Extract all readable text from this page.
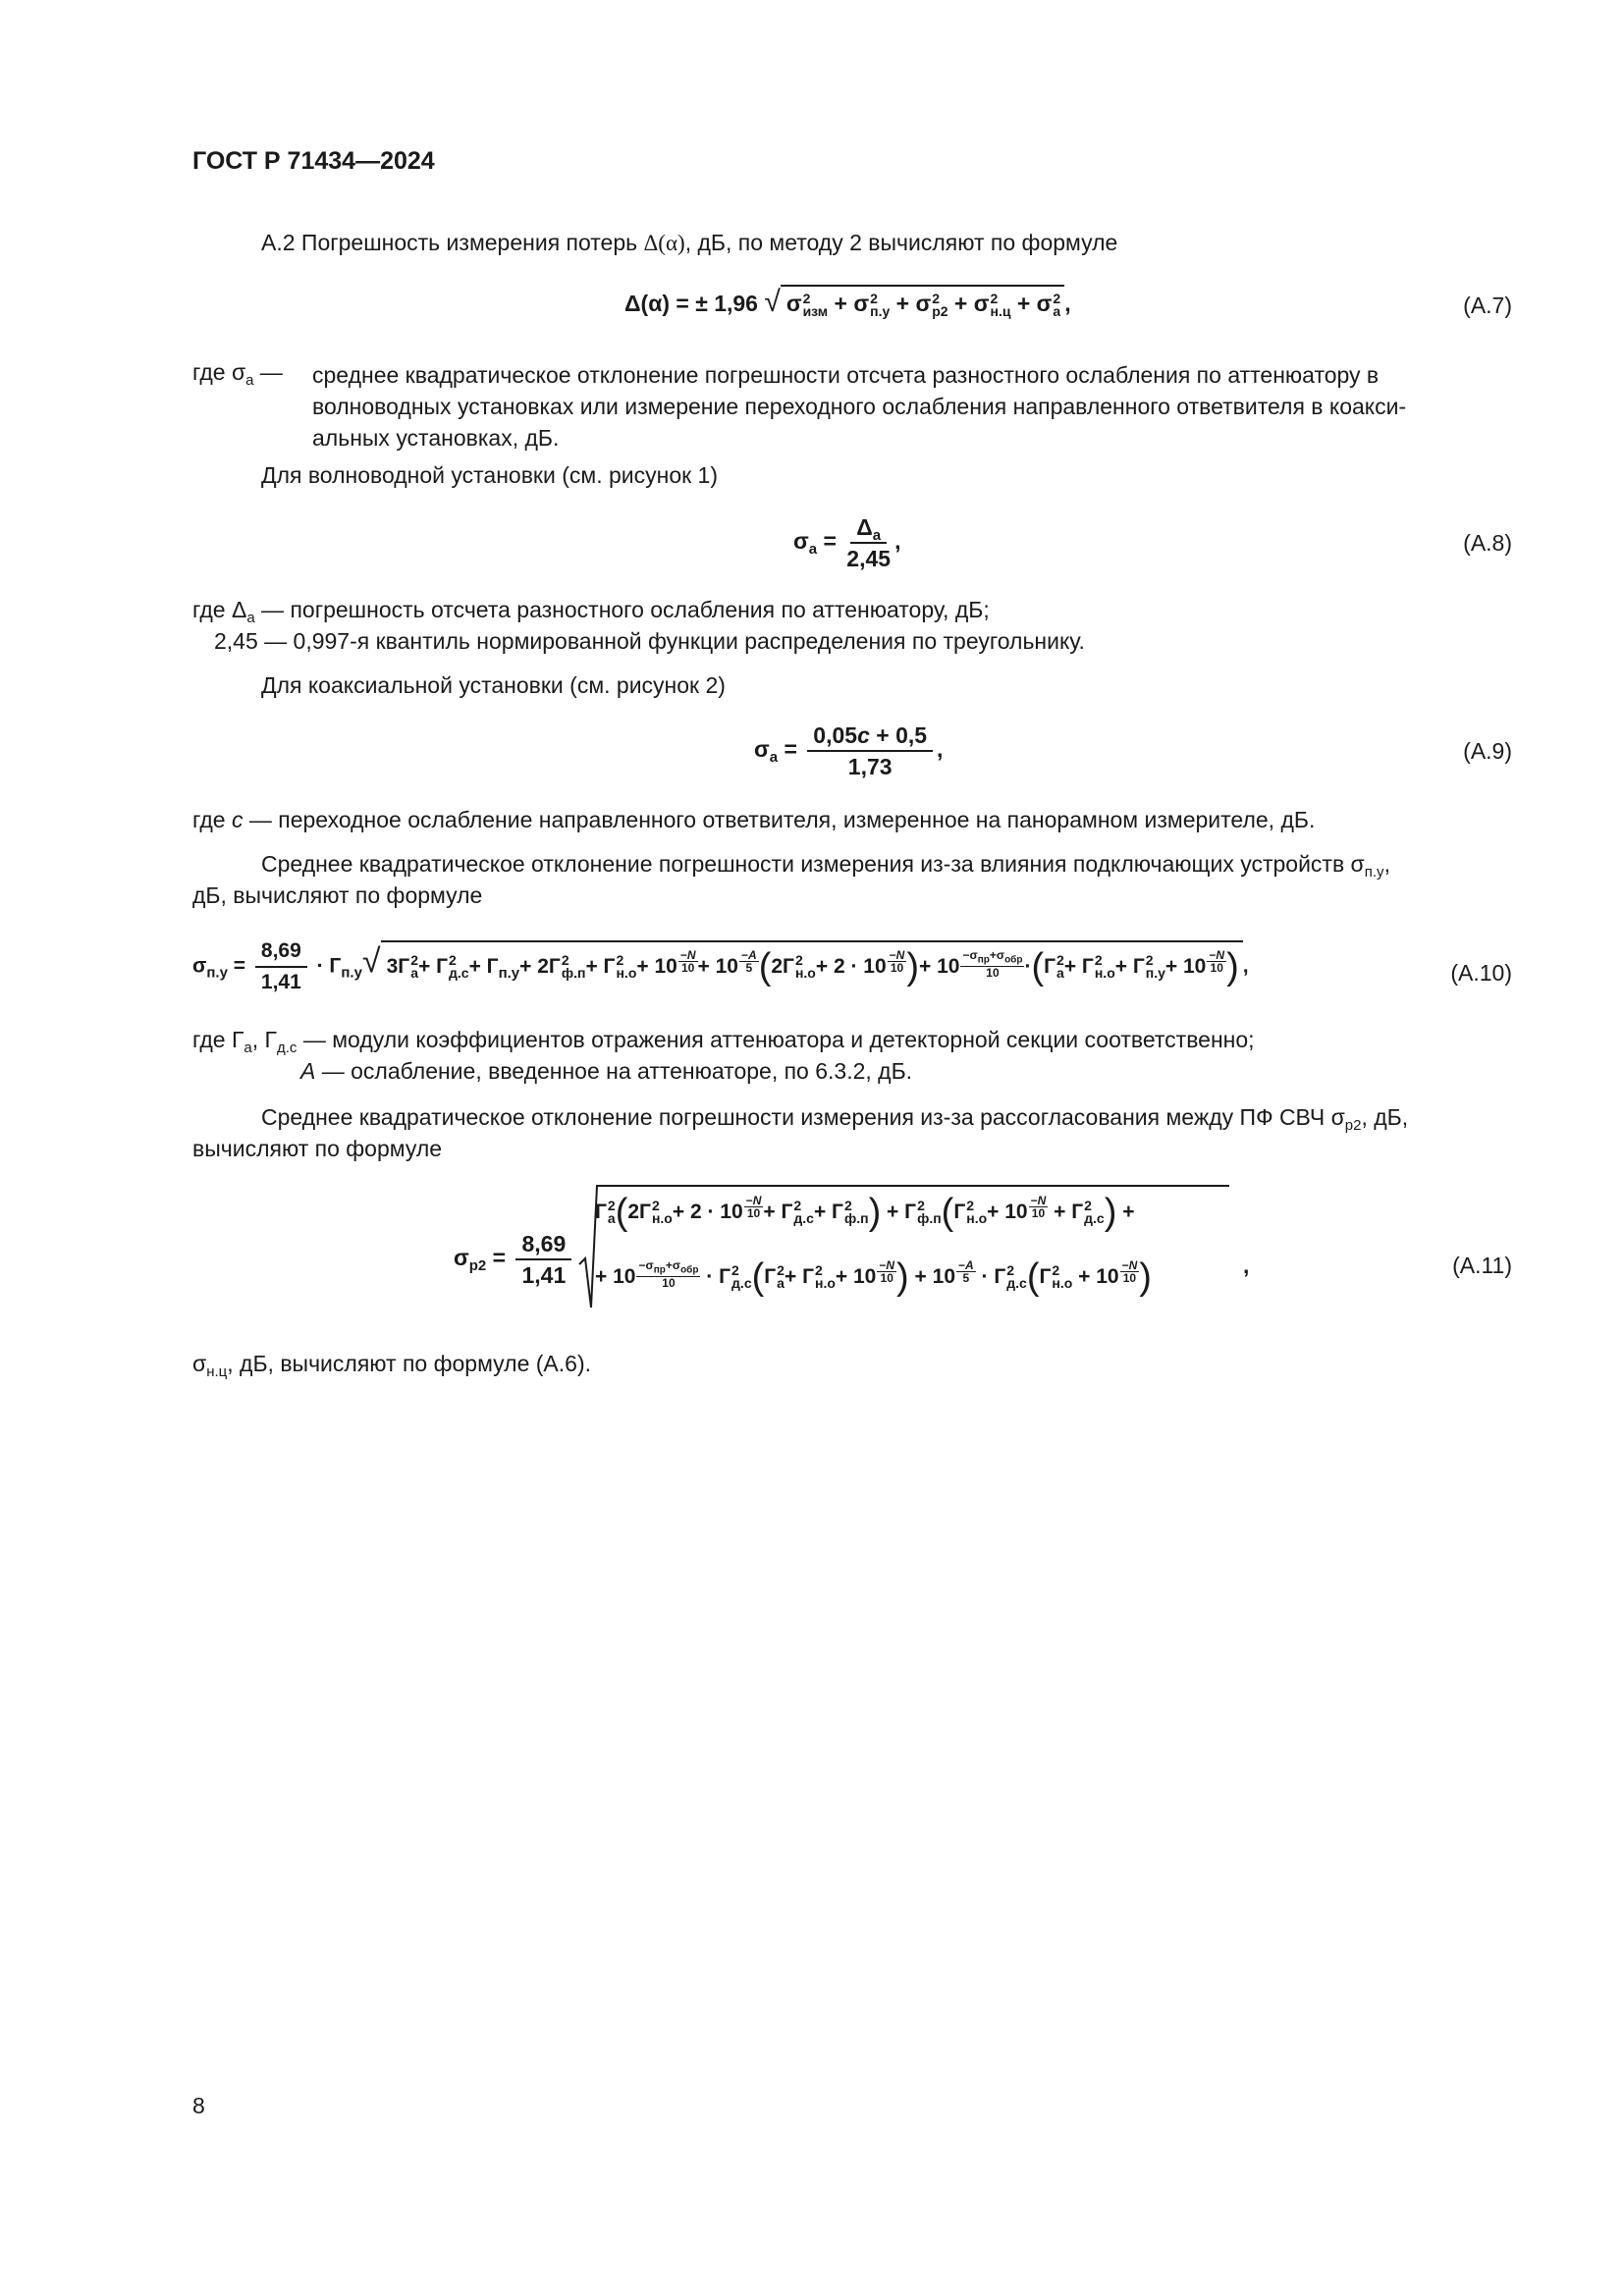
ГОСТ Р 71434—2024
А.2 Погрешность измерения потерь Δ(α), дБ, по методу 2 вычисляют по формуле
Δ(α) = ± 1,96 √ σ 2
изм + σ 2
п.у + σ 2
р2 + σ 2
н.ц + σ 2
а ,	(А.7)
где $\sigma_а$ — среднее квадратическое отклонение погрешности отсчета разностного ослабления по аттенюатору в
волноводных установках или измерение переходного ослабления направленного ответвителя в коакси-
альных установках, дБ.
Для волноводной установки (см. рисунок 1)
$\sigma_а = \frac{\Delta_а}{2,45}$ ,	(А.8)
где $\Delta_а$ — погрешность отсчета разностного ослабления по аттенюатору, дБ;
2,45 — 0,997-я квантиль нормированной функции распределения по треугольнику.
Для коаксиальной установки (см. рисунок 2)
$\sigma_а = \frac{0,05c + 0,5}{1,73}$ ,	(А.9)
где c — переходное ослабление направленного ответвителя, измеренное на панорамном измерителе, дБ.
Среднее квадратическое отклонение погрешности измерения из-за влияния подключающих устройств $\sigma_{п.у}$,
дБ, вычисляют по формуле
$\sigma_{п.у} = \frac{8,69}{1,41} \cdot Г_{п.у}√$ 3Г 2
а + Г 2
$д.с + Г_{п.у}+ 2Г$ 2
ф.п + Г 2
$н.о + 10 \frac{-N}{10} + 10 \frac{-A}{5} (2Г$ 2
$н.о + 2 \cdot 10 \frac{-N}{10}$ )+ $10 -\sigma_{пр}+\sigma_{обр}$
10 ·(Г 2
а + Г 2
н.о + Г 2
$п.у + 10 \frac{-N}{10}$ ) ,	(А.10)
где $Г_а$, $Г_{д.с}$ — модули коэффициентов отражения аттенюатора и детекторной секции соответственно;
A — ослабление, введенное на аттенюаторе, по 6.3.2, дБ.
Среднее квадратическое отклонение погрешности измерения из-за рассогласования между ПФ СВЧ $\sigma_{р2}$, дБ,
вычисляют по формуле
$\sigma_{р2} = \frac{8,69}{1,41}$
Г 2
а (2Г 2
$н.о + 2 \cdot 10 \frac{-N}{10} + Г$ 2
д.с + Г 2
ф.п ) + Г 2
ф.п (Г 2
$н.о + 10 \frac{-N}{10} + Г$ 2
д.с ) +
+ $10 -\sigma_{пр}+\sigma_{обр}$
10 · Г 2
д.с (Г 2
а + Г 2
$н.о + 10 \frac{-N}{10}$ ) + $10 \frac{-A}{5} \cdot Г$ 2
д.с (Г 2
$н.о + 10 \frac{-N}{10}$ )	,	(А.11)
$\sigma_{н.ц}$, дБ, вычисляют по формуле (А.6).
8
